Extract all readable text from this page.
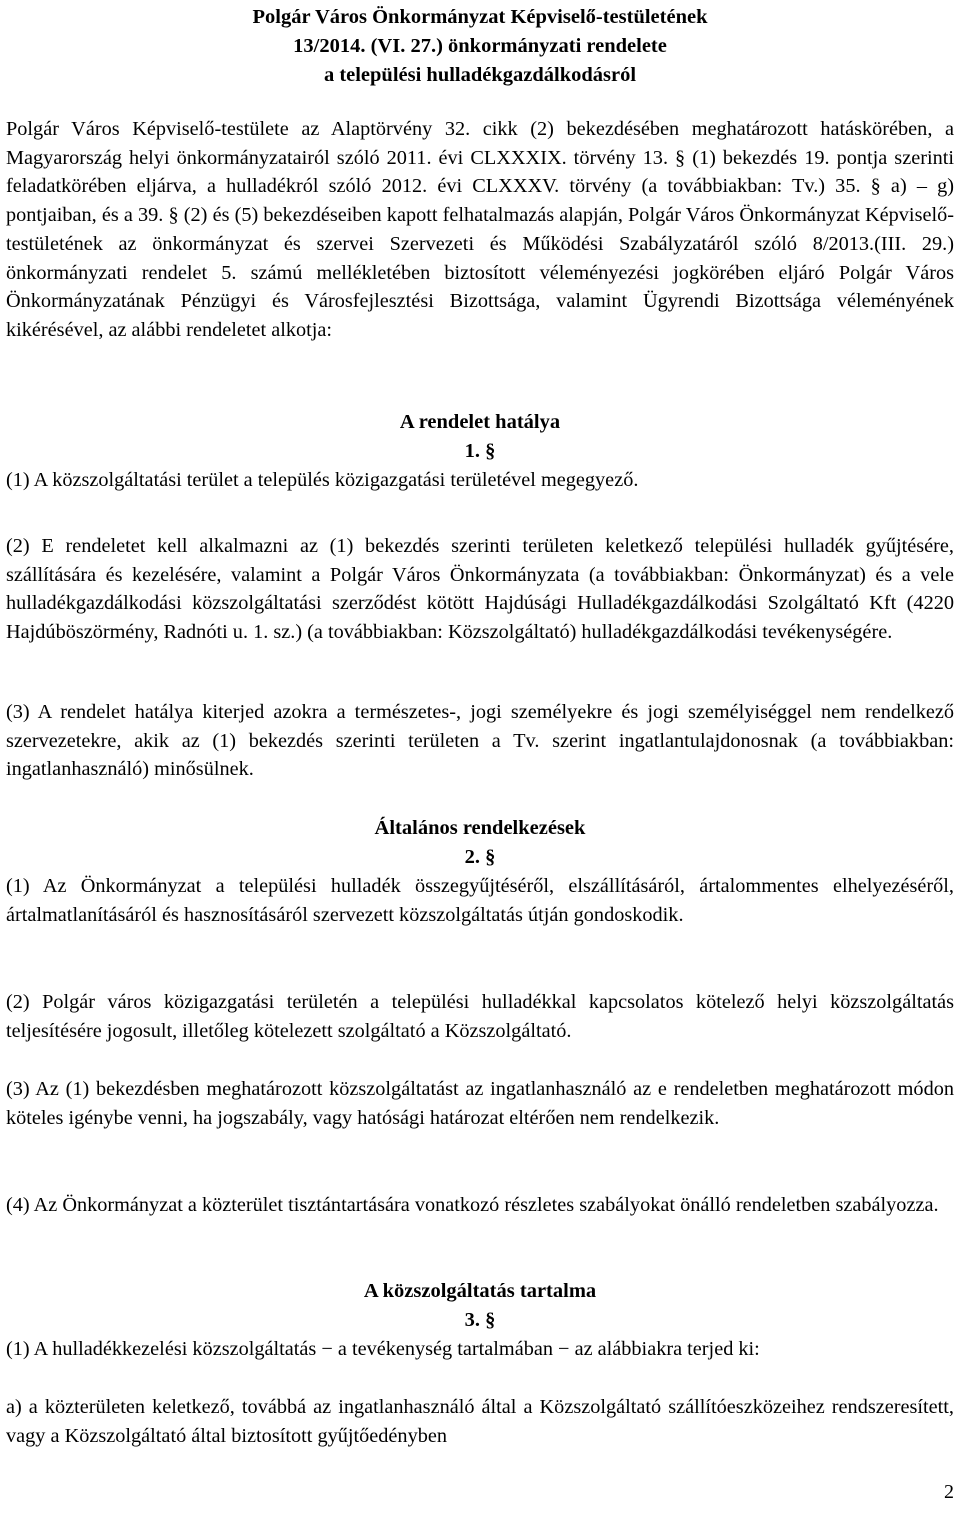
Polgár Város Önkormányzat Képviselő-testületének
13/2014. (VI. 27.) önkormányzati rendelete
a települési hulladékgazdálkodásról
Polgár Város Képviselő-testülete az Alaptörvény 32. cikk (2) bekezdésében meghatározott hatáskörében, a Magyarország helyi önkormányzatairól szóló 2011. évi CLXXXIX. törvény 13. § (1) bekezdés 19. pontja szerinti feladatkörében eljárva, a hulladékról szóló 2012. évi CLXXXV. törvény (a továbbiakban: Tv.) 35. § a) – g) pontjaiban, és a 39. § (2) és (5) bekezdéseiben kapott felhatalmazás alapján, Polgár Város Önkormányzat Képviselő-testületének az önkormányzat és szervei Szervezeti és Működési Szabályzatáról szóló 8/2013.(III. 29.) önkormányzati rendelet 5. számú mellékletében biztosított véleményezési jogkörében eljáró Polgár Város Önkormányzatának Pénzügyi és Városfejlesztési Bizottsága, valamint Ügyrendi Bizottsága véleményének kikérésével, az alábbi rendeletet alkotja:
A rendelet hatálya
1. §
(1) A közszolgáltatási terület a település közigazgatási területével megegyező.
(2) E rendeletet kell alkalmazni az (1) bekezdés szerinti területen keletkező települési hulladék gyűjtésére, szállítására és kezelésére, valamint a Polgár Város Önkormányzata (a továbbiakban: Önkormányzat) és a vele hulladékgazdálkodási közszolgáltatási szerződést kötött Hajdúsági Hulladékgazdálkodási Szolgáltató Kft (4220 Hajdúböszörmény, Radnóti u. 1. sz.) (a továbbiakban: Közszolgáltató) hulladékgazdálkodási tevékenységére.
(3) A rendelet hatálya kiterjed azokra a természetes-, jogi személyekre és jogi személyiséggel nem rendelkező szervezetekre, akik az (1) bekezdés szerinti területen a Tv. szerint ingatlantulajdonosnak (a továbbiakban: ingatlanhasználó) minősülnek.
Általános rendelkezések
2. §
(1) Az Önkormányzat a települési hulladék összegyűjtéséről, elszállításáról, ártalommentes elhelyezéséről, ártalmatlanításáról és hasznosításáról szervezett közszolgáltatás útján gondoskodik.
(2) Polgár város közigazgatási területén a települési hulladékkal kapcsolatos kötelező helyi közszolgáltatás teljesítésére jogosult, illetőleg kötelezett szolgáltató a Közszolgáltató.
(3) Az (1) bekezdésben meghatározott közszolgáltatást az ingatlanhasználó az e rendeletben meghatározott módon köteles igénybe venni, ha jogszabály, vagy hatósági határozat eltérően nem rendelkezik.
(4) Az Önkormányzat a közterület tisztántartására vonatkozó részletes szabályokat önálló rendeletben szabályozza.
A közszolgáltatás tartalma
3. §
(1) A hulladékkezelési közszolgáltatás − a tevékenység tartalmában − az alábbiakra terjed ki:
a) a közterületen keletkező, továbbá az ingatlanhasználó által a Közszolgáltató szállítóeszközeihez rendszeresített, vagy a Közszolgáltató által biztosított gyűjtőedényben
2
